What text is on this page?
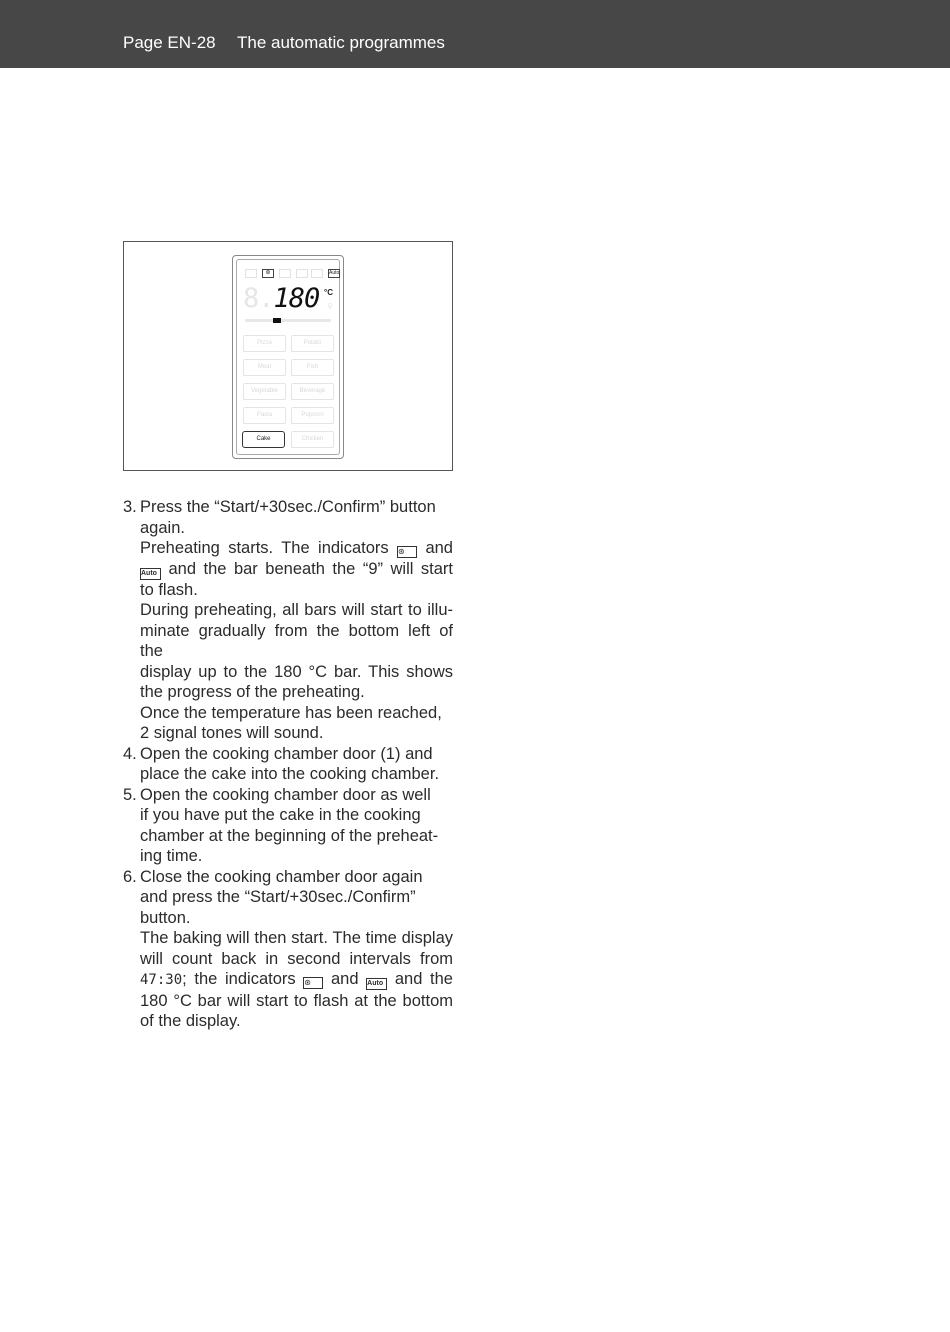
Page EN-28 The automatic programmes
⊛	Auto
8.180 °C
g
Pizza	Potato
Meat	Fish
Vegetable	Beverage
Pasta	Popcorn
Cake	Chicken
3. Press the “Start/+30sec./Confirm” button

again.

Preheating starts. The indicators ⊛ and

Auto and the bar beneath the “9” will start

to flash.

During preheating, all bars will start to illu-

minate gradually from the bottom left of the

display up to the 180 °C bar. This shows

the progress of the preheating.

Once the temperature has been reached,

2 signal tones will sound.

4. Open the cooking chamber door (1) and

place the cake into the cooking chamber.

5. Open the cooking chamber door as well

if you have put the cake in the cooking

chamber at the beginning of the preheat-

ing time.

6. Close the cooking chamber door again

and press the “Start/+30sec./Confirm”

button.

The baking will then start. The time display

will count back in second intervals from

47:30; the indicators ⊛ and Auto and the

180 °C bar will start to flash at the bottom

of the display.
